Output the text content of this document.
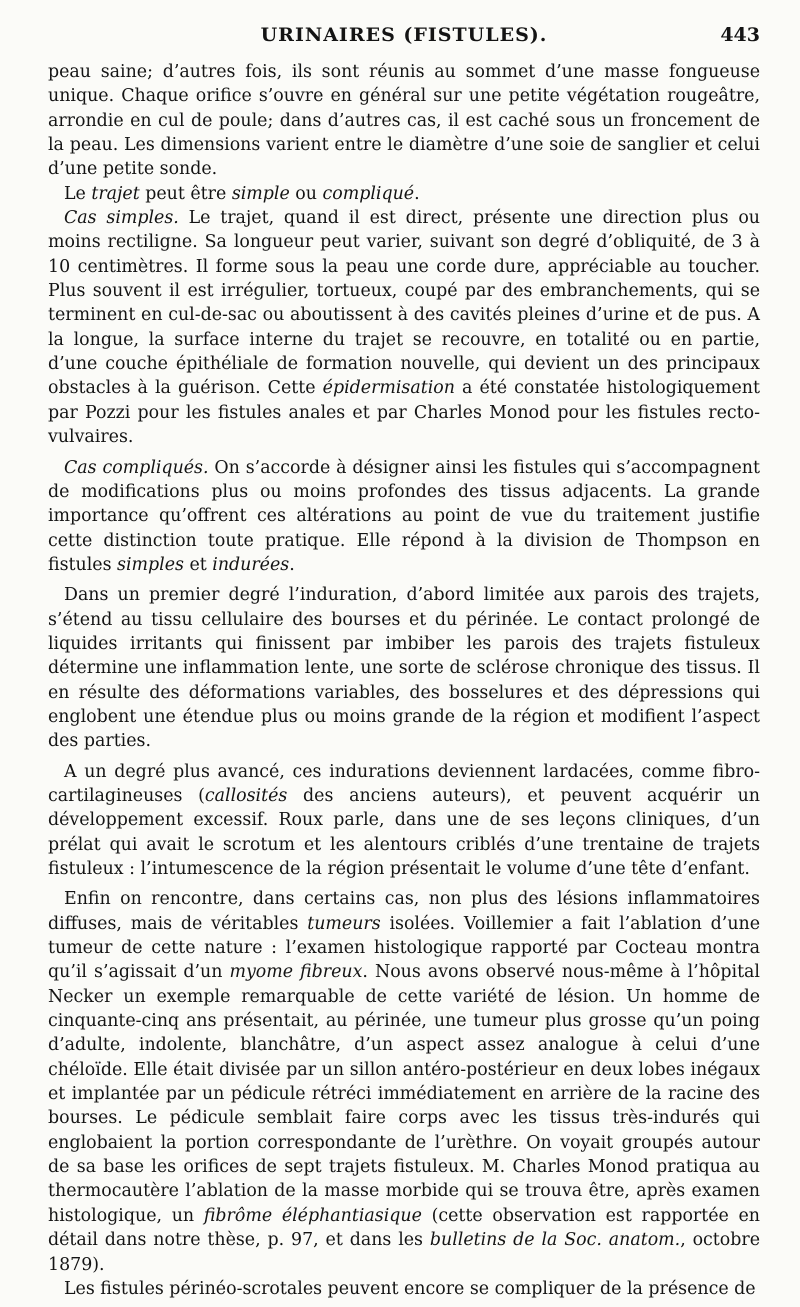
URINAIRES (FISTULES).	443

peau saine; d’autres fois, ils sont réunis au sommet d’une masse fongueuse unique. Chaque orifice s’ouvre en général sur une petite végétation rougeâtre, arrondie en cul de poule; dans d’autres cas, il est caché sous un froncement de la peau. Les dimensions varient entre le diamètre d’une soie de sanglier et celui d’une petite sonde.

Le trajet peut être simple ou compliqué.

Cas simples. Le trajet, quand il est direct, présente une direction plus ou moins rectiligne. Sa longueur peut varier, suivant son degré d’obliquité, de 3 à 10 centimètres. Il forme sous la peau une corde dure, appréciable au toucher. Plus souvent il est irrégulier, tortueux, coupé par des embranchements, qui se terminent en cul-de-sac ou aboutissent à des cavités pleines d’urine et de pus. A la longue, la surface interne du trajet se recouvre, en totalité ou en partie, d’une couche épithéliale de formation nouvelle, qui devient un des principaux obstacles à la guérison. Cette épidermisation a été constatée histologiquement par Pozzi pour les fistules anales et par Charles Monod pour les fistules recto-vulvaires.

Cas compliqués. On s’accorde à désigner ainsi les fistules qui s’accompagnent de modifications plus ou moins profondes des tissus adjacents. La grande importance qu’offrent ces altérations au point de vue du traitement justifie cette distinction toute pratique. Elle répond à la division de Thompson en fistules simples et indurées.

Dans un premier degré l’induration, d’abord limitée aux parois des trajets, s’étend au tissu cellulaire des bourses et du périnée. Le contact prolongé de liquides irritants qui finissent par imbiber les parois des trajets fistuleux détermine une inflammation lente, une sorte de sclérose chronique des tissus. Il en résulte des déformations variables, des bosselures et des dépressions qui englobent une étendue plus ou moins grande de la région et modifient l’aspect des parties.

A un degré plus avancé, ces indurations deviennent lardacées, comme fibro-cartilagineuses (callosités des anciens auteurs), et peuvent acquérir un développement excessif. Roux parle, dans une de ses leçons cliniques, d’un prélat qui avait le scrotum et les alentours criblés d’une trentaine de trajets fistuleux : l’intumescence de la région présentait le volume d’une tête d’enfant.

Enfin on rencontre, dans certains cas, non plus des lésions inflammatoires diffuses, mais de véritables tumeurs isolées. Voillemier a fait l’ablation d’une tumeur de cette nature : l’examen histologique rapporté par Cocteau montra qu’il s’agissait d’un myome fibreux. Nous avons observé nous-même à l’hôpital Necker un exemple remarquable de cette variété de lésion. Un homme de cinquante-cinq ans présentait, au périnée, une tumeur plus grosse qu’un poing d’adulte, indolente, blanchâtre, d’un aspect assez analogue à celui d’une chéloïde. Elle était divisée par un sillon antéro-postérieur en deux lobes inégaux et implantée par un pédicule rétréci immédiatement en arrière de la racine des bourses. Le pédicule semblait faire corps avec les tissus très-indurés qui englobaient la portion correspondante de l’urèthre. On voyait groupés autour de sa base les orifices de sept trajets fistuleux. M. Charles Monod pratiqua au thermocautère l’ablation de la masse morbide qui se trouva être, après examen histologique, un fibrôme éléphantiasique (cette observation est rapportée en détail dans notre thèse, p. 97, et dans les bulletins de la Soc. anatom., octobre 1879).

Les fistules périnéo-scrotales peuvent encore se compliquer de la présence de
